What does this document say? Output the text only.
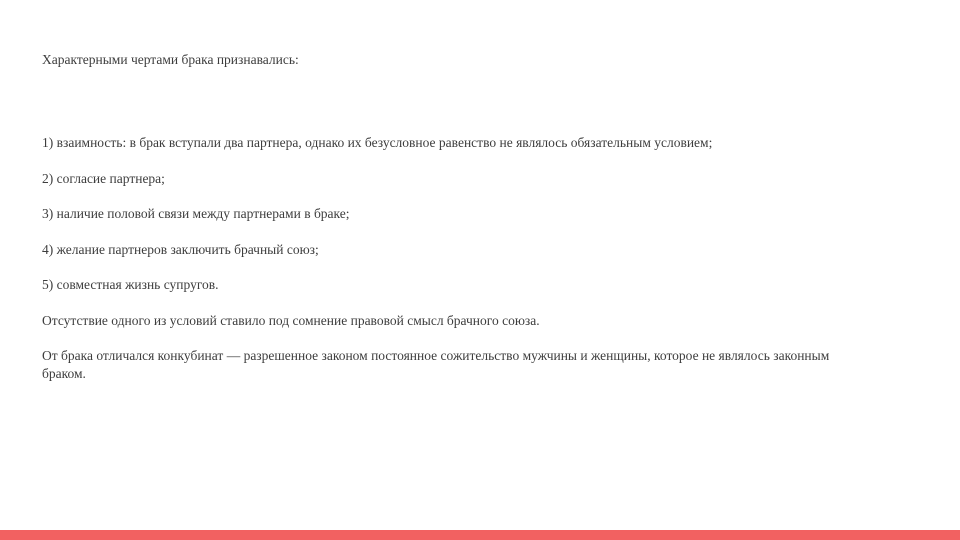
Характерными чертами брака признавались:

1) взаимность: в брак вступали два партнера, однако их безусловное равенство не являлось обязательным условием;

2) согласие партнера;

3) наличие половой связи между партнерами в браке;

4) желание партнеров заключить брачный союз;

5) совместная жизнь супругов.

Отсутствие одного из условий ставило под сомнение правовой смысл брачного союза.

От брака отличался конкубинат — разрешенное законом постоянное сожительство мужчины и женщины, которое не являлось законным браком.
